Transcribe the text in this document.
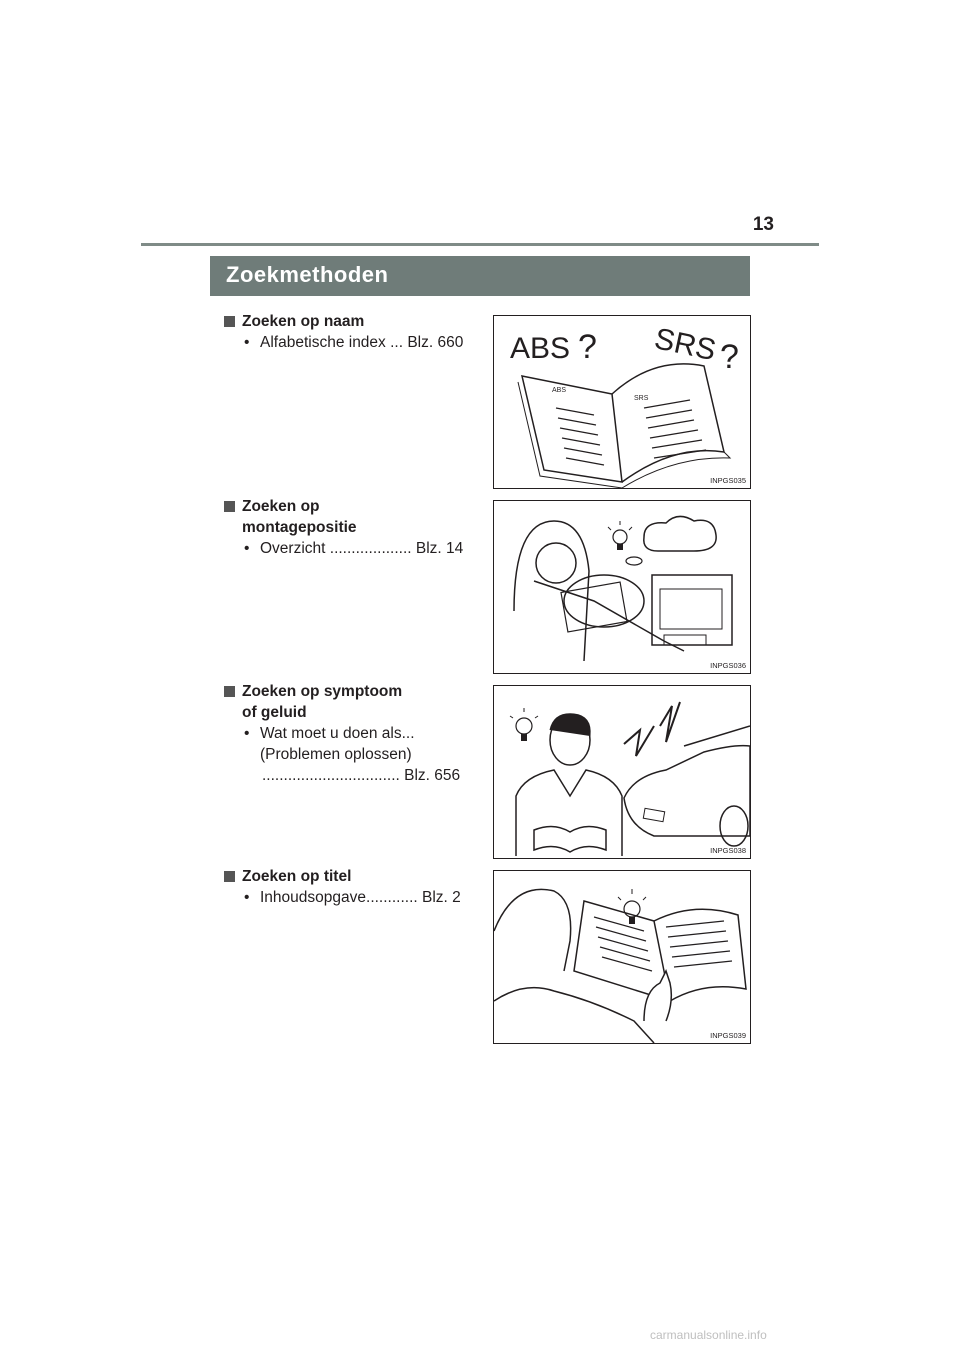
13
Zoekmethoden
Zoeken op naam
• Alfabetische index ... Blz. 660
Zoeken op
montagepositie
• Overzicht ................... Blz. 14
Zoeken op symptoom
of geluid
• Wat moet u doen als...
(Problemen oplossen)
................................ Blz. 656
Zoeken op titel
• Inhoudsopgave............ Blz. 2
ABS ? SRS ?
ABS
SRS
INPGS035
INPGS036
INPGS038
INPGS039
carmanualsonline.info
